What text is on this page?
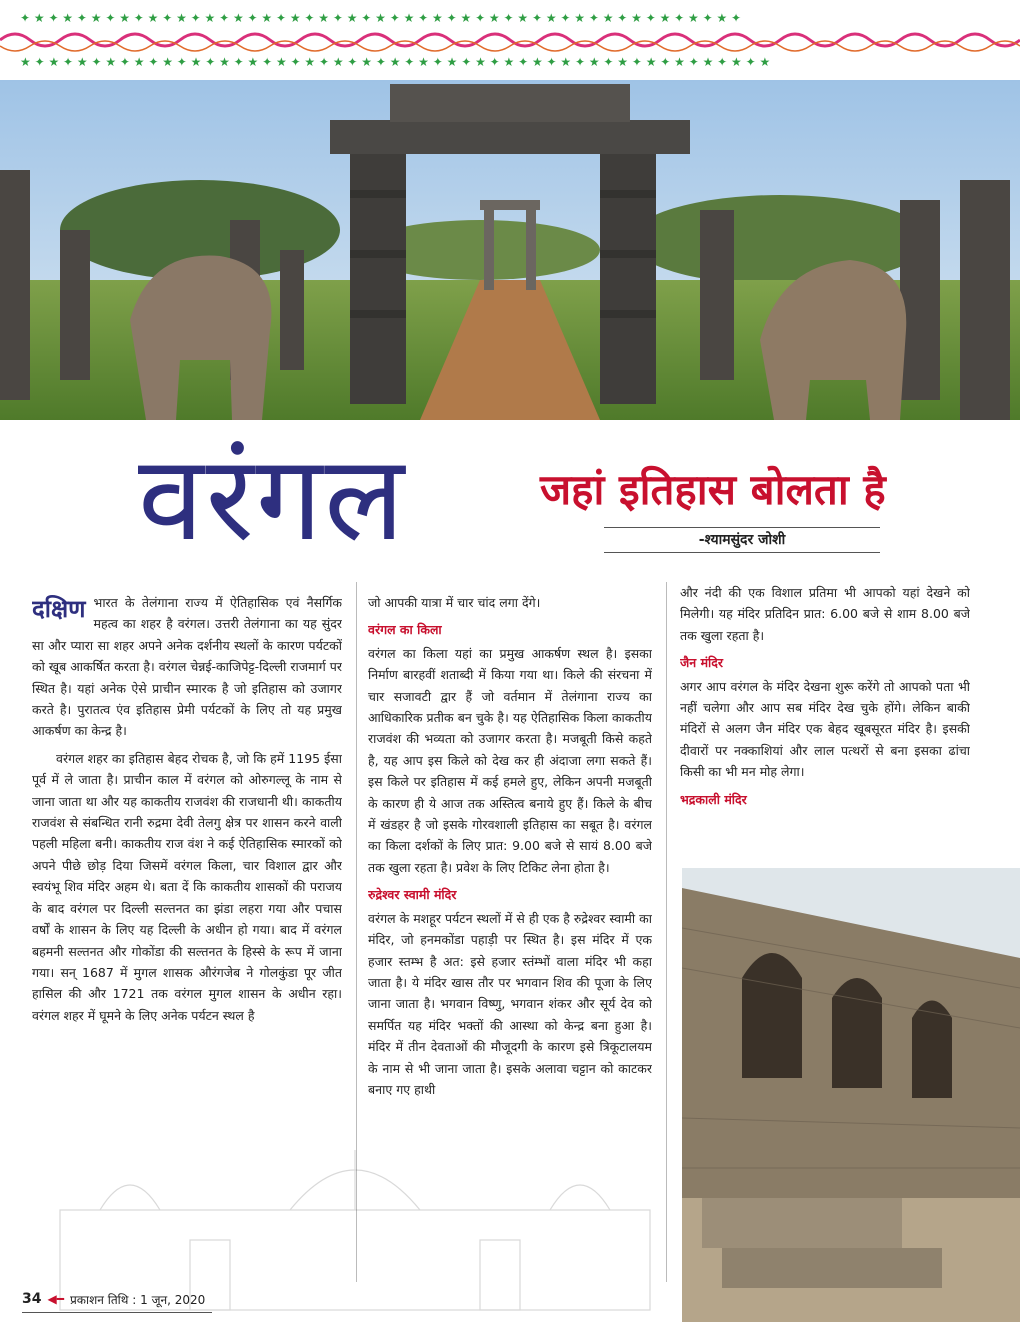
★ ✦ ★ ✦ ★ ✦ ★ ✦ ★ ✦ ★ ✦ ★ ✦ ★ ✦ ★ ✦ ★ ✦ ★ ✦ ★ ✦ ★ ✦ ★ ✦ ★ ✦ ★ ✦ ★ ✦ ★ ✦ ★ ✦ ★ ✦ ★ ✦ ★ ✦ ★ ✦ ★ ✦ ★ ✦ ★ ✦ ★
✦ ★ ✦ ★ ✦ ★ ✦ ★ ✦ ★ ✦ ★ ✦ ★ ✦ ★ ✦ ★ ✦ ★ ✦ ★ ✦ ★ ✦ ★ ✦ ★ ✦ ★ ✦ ★ ✦ ★ ✦ ★ ✦ ★ ✦ ★ ✦ ★ ✦ ★ ✦ ★ ✦ ★ ✦ ★ ✦
वरंगल	जहां इतिहास बोलता है
-श्यामसुंदर जोशी

दक्षिण भारत के तेलंगाना राज्य में ऐतिहासिक एवं नैसर्गिक महत्व का शहर है वरंगल। उत्तरी तेलंगाना का यह सुंदर सा और प्यारा सा शहर अपने अनेक दर्शनीय स्थलों के कारण पर्यटकों को खूब आकर्षित करता है। वरंगल चेन्नई-काजिपेट्ट-दिल्ली राजमार्ग पर स्थित है। यहां अनेक ऐसे प्राचीन स्मारक है जो इतिहास को उजागर करते है। पुरातत्व एंव इतिहास प्रेमी पर्यटकों के लिए तो यह प्रमुख आकर्षण का केन्द्र है।

वरंगल शहर का इतिहास बेहद रोचक है, जो कि हमें 1195 ईसा पूर्व में ले जाता है। प्राचीन काल में वरंगल को ओरुगल्लू के नाम से जाना जाता था और यह काकतीय राजवंश की राजधानी थी। काकतीय राजवंश से संबन्धित रानी रुद्रमा देवी तेलगु क्षेत्र पर शासन करने वाली पहली महिला बनी। काकतीय राज वंश ने कई ऐतिहासिक स्मारकों को अपने पीछे छोड़ दिया जिसमें वरंगल किला, चार विशाल द्वार और स्वयंभू शिव मंदिर अहम थे। बता दें कि काकतीय शासकों की पराजय के बाद वरंगल पर दिल्ली सल्तनत का झंडा लहरा गया और पचास वर्षों के शासन के लिए यह दिल्ली के अधीन हो गया। बाद में वरंगल बहमनी सल्तनत और गोकोंडा की सल्तनत के हिस्से के रूप में जाना गया। सन् 1687 में मुगल शासक औरंगजेब ने गोलकुंडा पूर जीत हासिल की और 1721 तक वरंगल मुगल शासन के अधीन रहा। वरंगल शहर में घूमने के लिए अनेक पर्यटन स्थल है

जो आपकी यात्रा में चार चांद लगा देंगे।

वरंगल का किला

वरंगल का किला यहां का प्रमुख आकर्षण स्थल है। इसका निर्माण बारहवीं शताब्दी में किया गया था। किले की संरचना में चार सजावटी द्वार हैं जो वर्तमान में तेलंगाना राज्य का आधिकारिक प्रतीक बन चुके है। यह ऐतिहासिक किला काकतीय राजवंश की भव्यता को उजागर करता है। मजबूती किसे कहते है, यह आप इस किले को देख कर ही अंदाजा लगा सकते हैं। इस किले पर इतिहास में कई हमले हुए, लेकिन अपनी मजबूती के कारण ही ये आज तक अस्तित्व बनाये हुए हैं। किले के बीच में खंडहर है जो इसके गोरवशाली इतिहास का सबूत है। वरंगल का किला दर्शकों के लिए प्रात: 9.00 बजे से सायं 8.00 बजे तक खुला रहता है। प्रवेश के लिए टिकिट लेना होता है।

रुद्रेश्वर स्वामी मंदिर

वरंगल के मशहूर पर्यटन स्थलों में से ही एक है रुद्रेश्वर स्वामी का मंदिर, जो हनमकोंडा पहाड़ी पर स्थित है। इस मंदिर में एक हजार स्तम्भ है अत: इसे हजार स्तंम्भों वाला मंदिर भी कहा जाता है। ये मंदिर खास तौर पर भगवान शिव की पूजा के लिए जाना जाता है। भगवान विष्णु, भगवान शंकर और सूर्य देव को समर्पित यह मंदिर भक्तों की आस्था को केन्द्र बना हुआ है। मंदिर में तीन देवताओं की मौजूदगी के कारण इसे त्रिकूटालयम के नाम से भी जाना जाता है। इसके अलावा चट्टान को काटकर बनाए गए हाथी

और नंदी की एक विशाल प्रतिमा भी आपको यहां देखने को मिलेगी। यह मंदिर प्रतिदिन प्रात: 6.00 बजे से शाम 8.00 बजे तक खुला रहता है।

जैन मंदिर

अगर आप वरंगल के मंदिर देखना शुरू करेंगे तो आपको पता भी नहीं चलेगा और आप सब मंदिर देख चुके होंगे। लेकिन बाकी मंदिरों से अलग जैन मंदिर एक बेहद खूबसूरत मंदिर है। इसकी दीवारों पर नक्काशियां और लाल पत्थरों से बना इसका ढांचा किसी का भी मन मोह लेगा।

भद्रकाली मंदिर
34 ◀━ प्रकाशन तिथि : 1 जून, 2020
